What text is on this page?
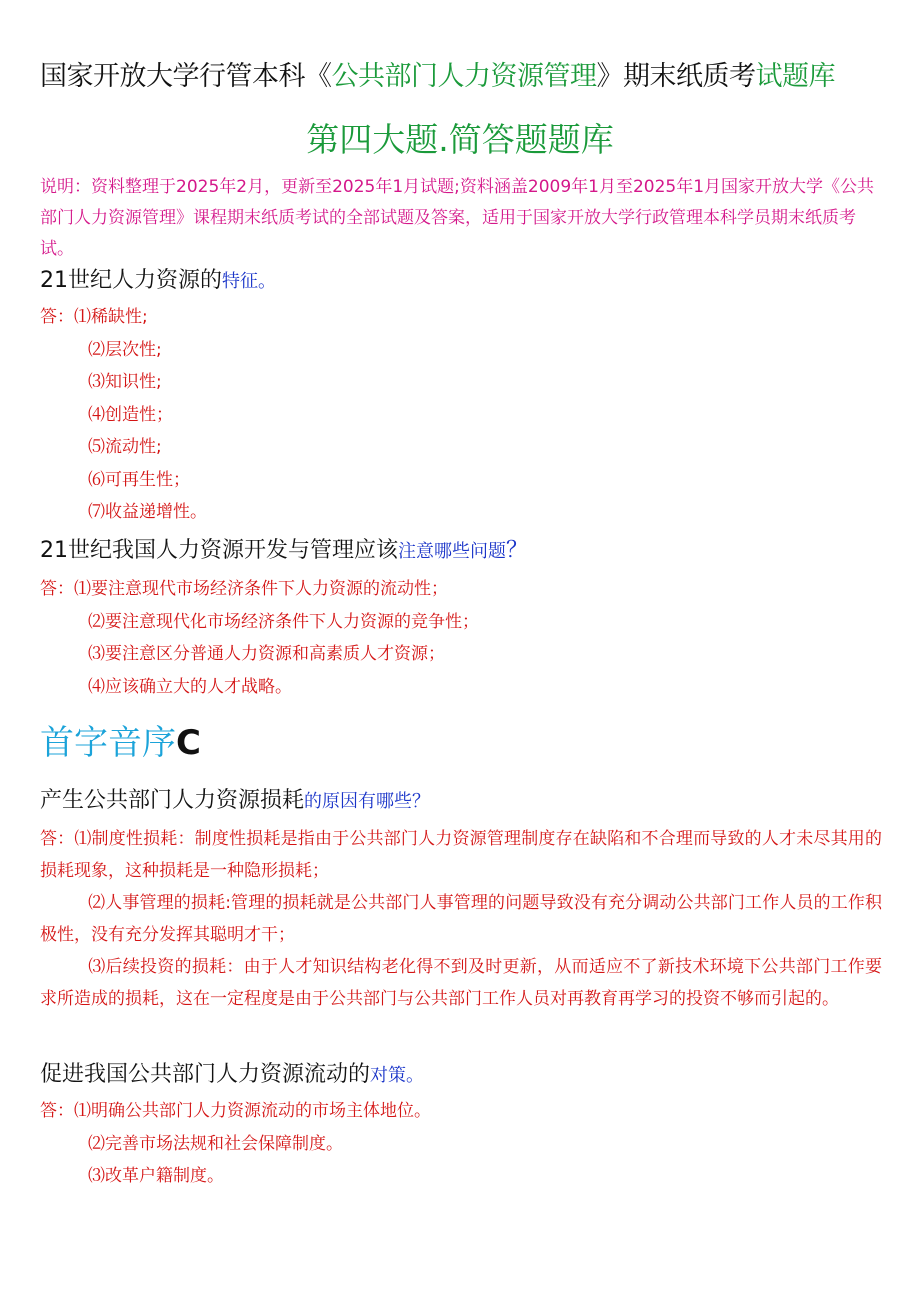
国家开放大学行管本科《公共部门人力资源管理》期末纸质考试题库
第四大题.简答题题库
说明：资料整理于2025年2月，更新至2025年1月试题;资料涵盖2009年1月至2025年1月国家开放大学《公共部门人力资源管理》课程期末纸质考试的全部试题及答案，适用于国家开放大学行政管理本科学员期末纸质考试。
21世纪人力资源的特征。
答：⑴稀缺性;
⑵层次性;
⑶知识性;
⑷创造性；
⑸流动性;
⑹可再生性；
⑺收益递增性。
21世纪我国人力资源开发与管理应该注意哪些问题？
答：⑴要注意现代市场经济条件下人力资源的流动性；
⑵要注意现代化市场经济条件下人力资源的竞争性；
⑶要注意区分普通人力资源和高素质人才资源；
⑷应该确立大的人才战略。
首字音序C
产生公共部门人力资源损耗的原因有哪些？
答：⑴制度性损耗：制度性损耗是指由于公共部门人力资源管理制度存在缺陷和不合理而导致的人才未尽其用的损耗现象，这种损耗是一种隐形损耗；
⑵人事管理的损耗:管理的损耗就是公共部门人事管理的问题导致没有充分调动公共部门工作人员的工作积极性，没有充分发挥其聪明才干；
⑶后续投资的损耗：由于人才知识结构老化得不到及时更新，从而适应不了新技术环境下公共部门工作要求所造成的损耗，这在一定程度是由于公共部门与公共部门工作人员对再教育再学习的投资不够而引起的。
促进我国公共部门人力资源流动的对策。
答：⑴明确公共部门人力资源流动的市场主体地位。
⑵完善市场法规和社会保障制度。
⑶改革户籍制度。
